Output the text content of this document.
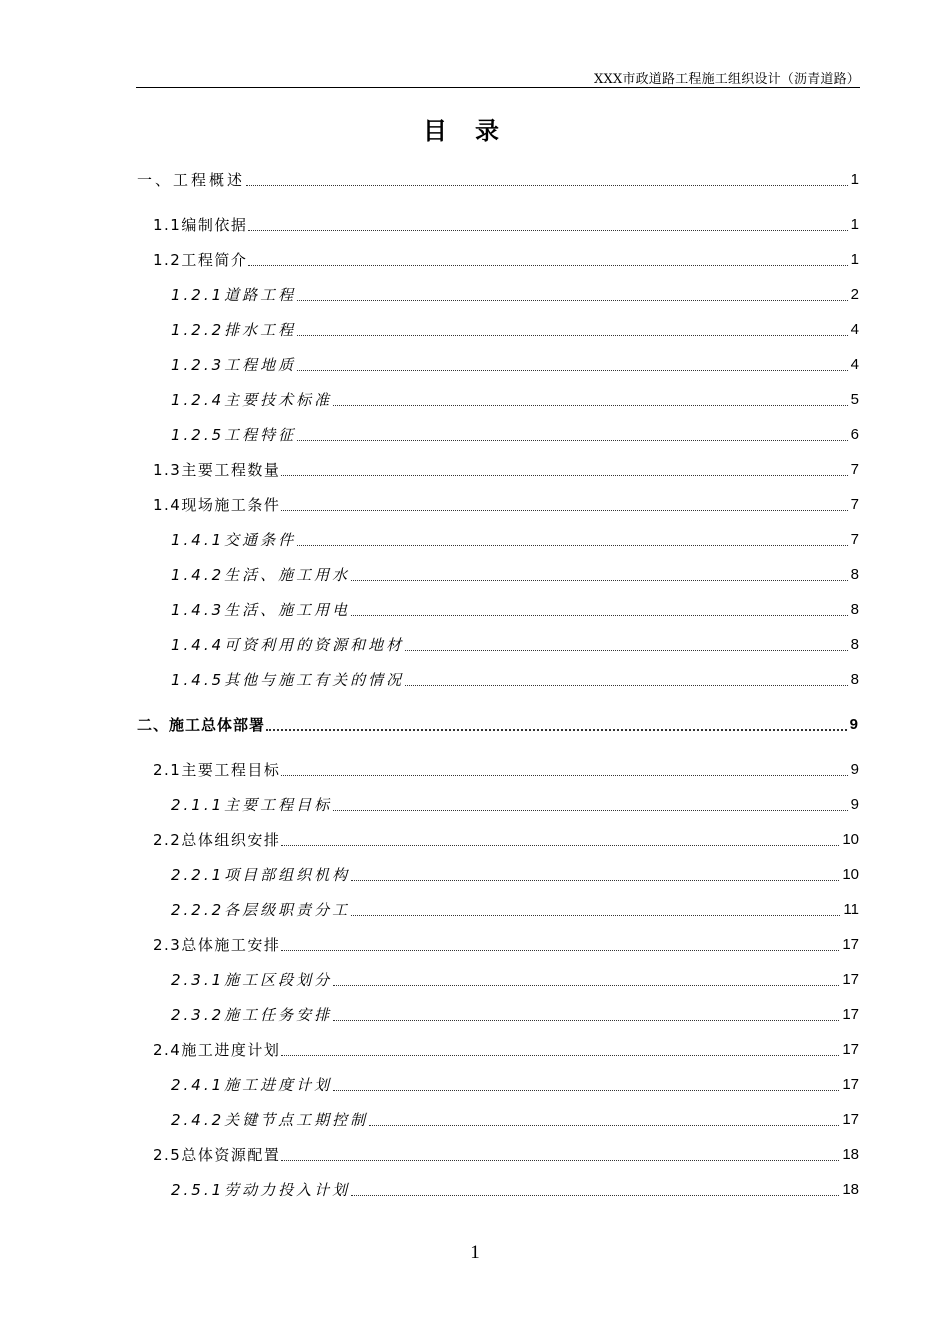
XXX市政道路工程施工组织设计（沥青道路）
目录
一、工程概述	1
1.1编制依据	1
1.2工程简介	1
1.2.1道路工程	2
1.2.2排水工程	4
1.2.3工程地质	4
1.2.4主要技术标准	5
1.2.5工程特征	6
1.3主要工程数量	7
1.4现场施工条件	7
1.4.1交通条件	7
1.4.2生活、施工用水	8
1.4.3生活、施工用电	8
1.4.4可资利用的资源和地材	8
1.4.5其他与施工有关的情况	8
二、施工总体部署	9
2.1主要工程目标	9
2.1.1主要工程目标	9
2.2总体组织安排	10
2.2.1项目部组织机构	10
2.2.2各层级职责分工	11
2.3总体施工安排	17
2.3.1施工区段划分	17
2.3.2施工任务安排	17
2.4施工进度计划	17
2.4.1施工进度计划	17
2.4.2关键节点工期控制	17
2.5总体资源配置	18
2.5.1劳动力投入计划	18
1
